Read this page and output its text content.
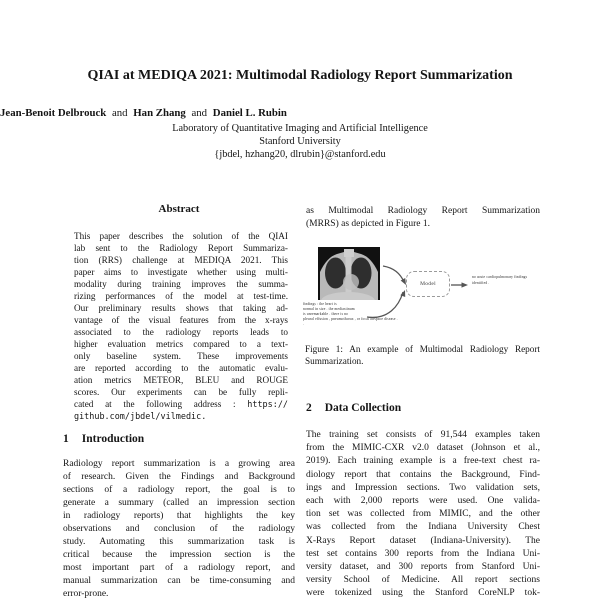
QIAI at MEDIQA 2021: Multimodal Radiology Report Summarization
Jean-Benoit Delbrouck and Han Zhang and Daniel L. Rubin
Laboratory of Quantitative Imaging and Artificial Intelligence
Stanford University
{jbdel, hzhang20, dlrubin}@stanford.edu
Abstract
This paper describes the solution of the QIAI
lab sent to the Radiology Report Summariza-
tion (RRS) challenge at MEDIQA 2021. This
paper aims to investigate whether using multi-
modality during training improves the summa-
rizing performances of the model at test-time.
Our preliminary results shows that taking ad-
vantage of the visual features from the x-rays
associated to the radiology reports leads to
higher evaluation metrics compared to a text-
only baseline system. These improvements
are reported according to the automatic evalu-
ation metrics METEOR, BLEU and ROUGE
scores. Our experiments can be fully repli-
cated at the following address : https://
github.com/jbdel/vilmedic.
1 Introduction
Radiology report summarization is a growing area
of research. Given the Findings and Background
sections of a radiology report, the goal is to
generate a summary (called an impression section
in radiology reports) that highlights the key
observations and conclusion of the radiology
study. Automating this summarization task is
critical because the impression section is the
most important part of a radiology report, and
manual summarization can be time-consuming and
error-prone.
as Multimodal Radiology Report Summarization
(MRRS) as depicted in Figure 1.
findings : the heart is
normal in size . the mediastinum
is unremarkable . there is no
pleural effusion , pneumothorax , or focal airspace disease .
.
Model
no acute cardiopulmonary findings
identified .
Figure 1: An example of Multimodal Radiology Report
Summarization.
2 Data Collection
The training set consists of 91,544 examples taken
from the MIMIC-CXR v2.0 dataset (Johnson et al.,
2019). Each training example is a free-text chest ra-
diology report that contains the Background, Find-
ings and Impression sections. Two validation sets,
each with 2,000 reports were used. One valida-
tion set was collected from MIMIC, and the other
was collected from the Indiana University Chest
X-Rays Report dataset (Indiana-University). The
test set contains 300 reports from the Indiana Uni-
versity dataset, and 300 reports from Stanford Uni-
versity School of Medicine. All report sections
were tokenized using the Stanford CoreNLP tok-
